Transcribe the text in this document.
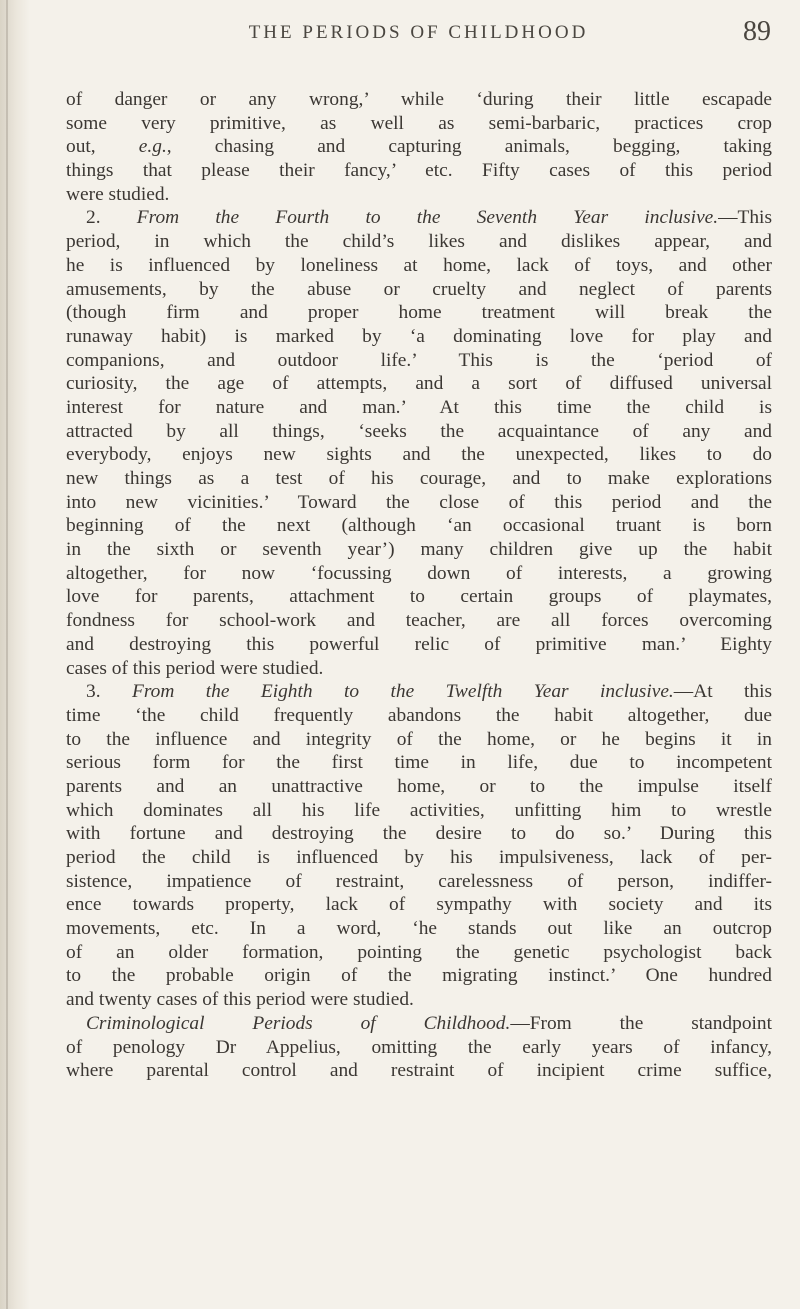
THE PERIODS OF CHILDHOOD	89
of danger or any wrong,’ while ‘during their little escapade
some very primitive, as well as semi-barbaric, practices crop
out, e.g., chasing and capturing animals, begging, taking
things that please their fancy,’ etc. Fifty cases of this period
were studied.
2. From the Fourth to the Seventh Year inclusive.—This
period, in which the child’s likes and dislikes appear, and
he is influenced by loneliness at home, lack of toys, and other
amusements, by the abuse or cruelty and neglect of parents
(though firm and proper home treatment will break the
runaway habit) is marked by ‘a dominating love for play and
companions, and outdoor life.’ This is the ‘period of
curiosity, the age of attempts, and a sort of diffused universal
interest for nature and man.’ At this time the child is
attracted by all things, ‘seeks the acquaintance of any and
everybody, enjoys new sights and the unexpected, likes to do
new things as a test of his courage, and to make explorations
into new vicinities.’ Toward the close of this period and the
beginning of the next (although ‘an occasional truant is born
in the sixth or seventh year’) many children give up the habit
altogether, for now ‘focussing down of interests, a growing
love for parents, attachment to certain groups of playmates,
fondness for school-work and teacher, are all forces overcoming
and destroying this powerful relic of primitive man.’ Eighty
cases of this period were studied.
3. From the Eighth to the Twelfth Year inclusive.—At this
time ‘the child frequently abandons the habit altogether, due
to the influence and integrity of the home, or he begins it in
serious form for the first time in life, due to incompetent
parents and an unattractive home, or to the impulse itself
which dominates all his life activities, unfitting him to wrestle
with fortune and destroying the desire to do so.’ During this
period the child is influenced by his impulsiveness, lack of per-
sistence, impatience of restraint, carelessness of person, indiffer-
ence towards property, lack of sympathy with society and its
movements, etc. In a word, ‘he stands out like an outcrop
of an older formation, pointing the genetic psychologist back
to the probable origin of the migrating instinct.’ One hundred
and twenty cases of this period were studied.
Criminological Periods of Childhood.—From the standpoint
of penology Dr Appelius, omitting the early years of infancy,
where parental control and restraint of incipient crime suffice,
